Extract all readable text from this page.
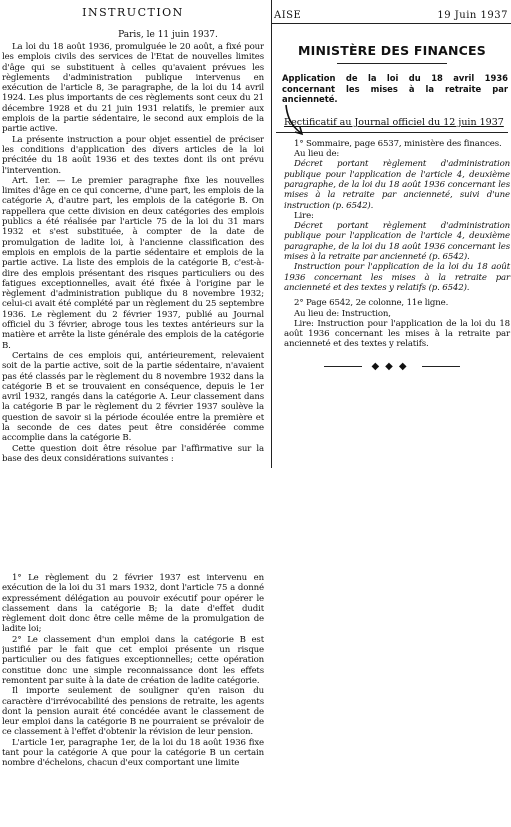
INSTRUCTION
Paris, le 11 juin 1937.

La loi du 18 août 1936, promulguée le 20 août, a fixé pour les emplois civils des services de l'Etat de nouvelles limites d'âge qui se substituent à celles qu'avaient prévues les règlements d'administration publique intervenus en exécution de l'article 8, 3e paragraphe, de la loi du 14 avril 1924. Les plus importants de ces règlements sont ceux du 21 décembre 1928 et du 21 juin 1931 relatifs, le premier aux emplois de la partie sédentaire, le second aux emplois de la partie active.

La présente instruction a pour objet essentiel de préciser les conditions d'application des divers articles de la loi précitée du 18 août 1936 et des textes dont ils ont prévu l'intervention.

Art. 1er. — Le premier paragraphe fixe les nouvelles limites d'âge en ce qui concerne, d'une part, les emplois de la catégorie A, d'autre part, les emplois de la catégorie B. On rappellera que cette division en deux catégories des emplois publics a été réalisée par l'article 75 de la loi du 31 mars 1932 et s'est substituée, à compter de la date de promulgation de ladite loi, à l'ancienne classification des emplois en emplois de la partie sédentaire et emplois de la partie active. La liste des emplois de la catégorie B, c'est-à-dire des emplois présentant des risques particuliers ou des fatigues exceptionnelles, avait été fixée à l'origine par le règlement d'administration publique du 8 novembre 1932; celui-ci avait été complété par un règlement du 25 septembre 1936. Le règlement du 2 février 1937, publié au Journal officiel du 3 février, abroge tous les textes antérieurs sur la matière et arrête la liste générale des emplois de la catégorie B.

Certains de ces emplois qui, antérieurement, relevaient soit de la partie active, soit de la partie sédentaire, n'avaient pas été classés par le règlement du 8 novembre 1932 dans la catégorie B et se trouvaient en conséquence, depuis le 1er avril 1932, rangés dans la catégorie A. Leur classement dans la catégorie B par le règlement du 2 février 1937 soulève la question de savoir si la période écoulée entre la première et la seconde de ces dates peut être considérée comme accomplie dans la catégorie B.

Cette question doit être résolue par l'affirmative sur la base des deux considérations suivantes :

AISE	19 Juin 1937
MINISTÈRE DES FINANCES
Application de la loi du 18 avril 1936 concernant les mises à la retraite par ancienneté.
Rectificatif au Journal officiel du 12 juin 1937

1° Sommaire, page 6537, ministère des finances.

Au lieu de:

Décret portant règlement d'administration publique pour l'application de l'article 4, deuxième paragraphe, de la loi du 18 août 1936 concernant les mises à la retraite par ancienneté, suivi d'une instruction (p. 6542).

Lire:

Décret portant règlement d'administration publique pour l'application de l'article 4, deuxième paragraphe, de la loi du 18 août 1936 concernant les mises à la retraite par ancienneté (p. 6542).

Instruction pour l'application de la loi du 18 août 1936 concernant les mises à la retraite par ancienneté et des textes y relatifs (p. 6542).

2° Page 6542, 2e colonne, 11e ligne.

Au lieu de: Instruction,

Lire: Instruction pour l'application de la loi du 18 août 1936 concernant les mises à la retraite par ancienneté et des textes y relatifs.

◆◆◆

1° Le règlement du 2 février 1937 est intervenu en exécution de la loi du 31 mars 1932, dont l'article 75 a donné expressément délégation au pouvoir exécutif pour opérer le classement dans la catégorie B; la date d'effet dudit règlement doit donc être celle même de la promulgation de ladite loi;

2° Le classement d'un emploi dans la catégorie B est justifié par le fait que cet emploi présente un risque particulier ou des fatigues exceptionnelles; cette opération constitue donc une simple reconnaissance dont les effets remontent par suite à la date de création de ladite catégorie.

Il importe seulement de souligner qu'en raison du caractère d'irrévocabilité des pensions de retraite, les agents dont la pension aurait été concédée avant le classement de leur emploi dans la catégorie B ne pourraient se prévaloir de ce classement à l'effet d'obtenir la révision de leur pension.

L'article 1er, paragraphe 1er, de la loi du 18 août 1936 fixe tant pour la catégorie A que pour la catégorie B un certain nombre d'échelons, chacun d'eux comportant une limite
